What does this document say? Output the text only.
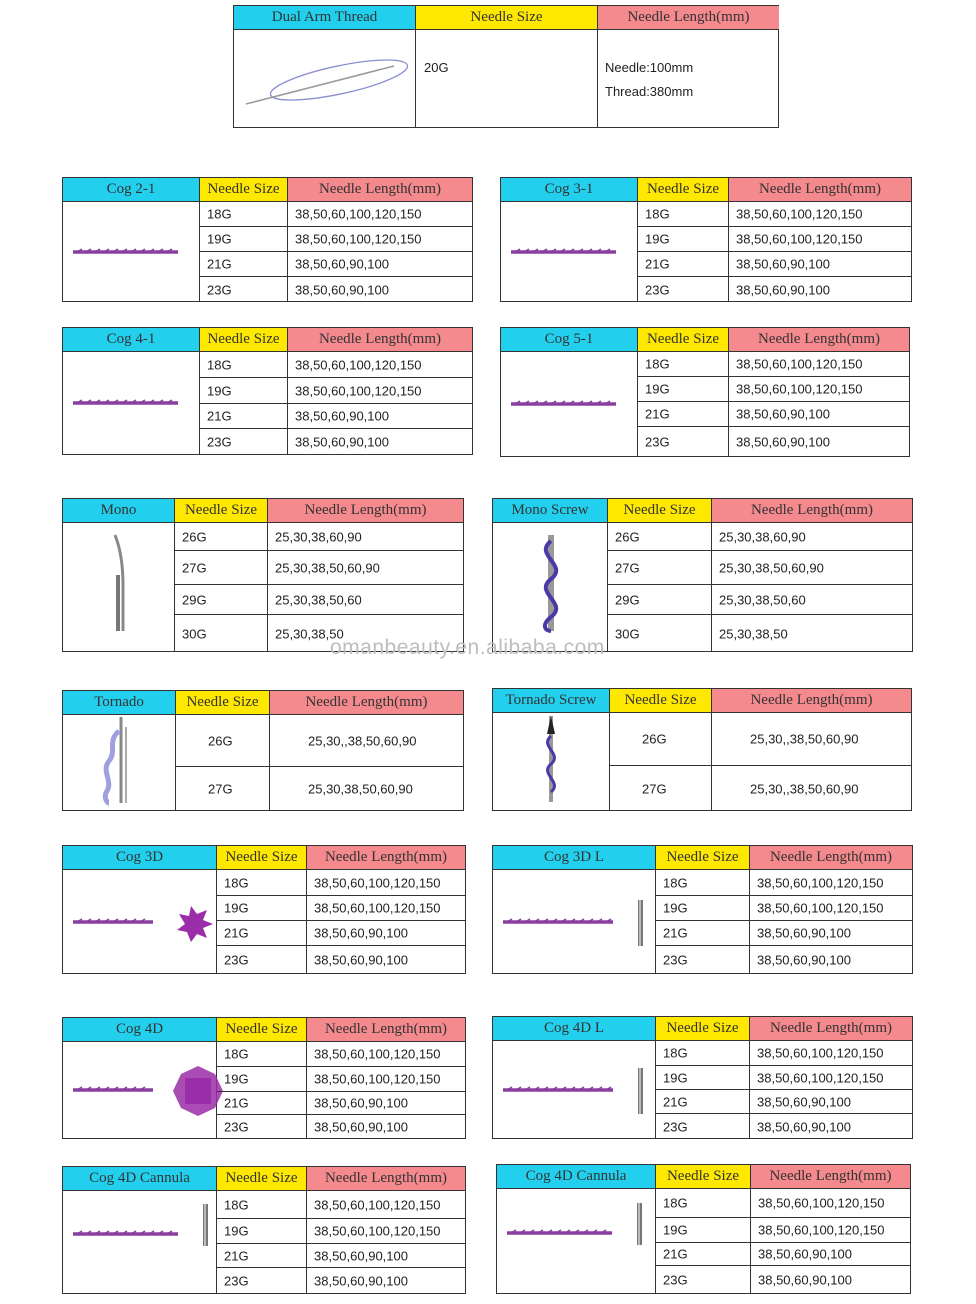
Dual Arm Thread	Needle Size	Needle Length(mm)
20G	Needle:100mm
Thread:380mm
Cog 2-1	Needle Size	Needle Length(mm)
18G	38,50,60,100,120,150
19G	38,50,60,100,120,150
21G	38,50,60,90,100
23G	38,50,60,90,100
Cog 3-1	Needle Size	Needle Length(mm)
18G	38,50,60,100,120,150
19G	38,50,60,100,120,150
21G	38,50,60,90,100
23G	38,50,60,90,100
Cog 4-1	Needle Size	Needle Length(mm)
18G	38,50,60,100,120,150
19G	38,50,60,100,120,150
21G	38,50,60,90,100
23G	38,50,60,90,100
Cog 5-1	Needle Size	Needle Length(mm)
18G	38,50,60,100,120,150
19G	38,50,60,100,120,150
21G	38,50,60,90,100
23G	38,50,60,90,100
Mono	Needle Size	Needle Length(mm)
26G	25,30,38,60,90
27G	25,30,38,50,60,90
29G	25,30,38,50,60
30G	25,30,38,50
Mono Screw	Needle Size	Needle Length(mm)
26G	25,30,38,60,90
27G	25,30,38,50,60,90
29G	25,30,38,50,60
30G	25,30,38,50
Tornado	Needle Size	Needle Length(mm)
26G	25,30,,38,50,60,90
27G	25,30,38,50,60,90
Tornado Screw	Needle Size	Needle Length(mm)
26G	25,30,,38,50,60,90
27G	25,30,,38,50,60,90
Cog 3D	Needle Size	Needle Length(mm)
18G	38,50,60,100,120,150
19G	38,50,60,100,120,150
21G	38,50,60,90,100
23G	38,50,60,90,100
Cog 3D L	Needle Size	Needle Length(mm)
18G	38,50,60,100,120,150
19G	38,50,60,100,120,150
21G	38,50,60,90,100
23G	38,50,60,90,100
Cog 4D	Needle Size	Needle Length(mm)
18G	38,50,60,100,120,150
19G	38,50,60,100,120,150
21G	38,50,60,90,100
23G	38,50,60,90,100
Cog 4D L	Needle Size	Needle Length(mm)
18G	38,50,60,100,120,150
19G	38,50,60,100,120,150
21G	38,50,60,90,100
23G	38,50,60,90,100
Cog 4D Cannula	Needle Size	Needle Length(mm)
18G	38,50,60,100,120,150
19G	38,50,60,100,120,150
21G	38,50,60,90,100
23G	38,50,60,90,100
Cog 4D Cannula	Needle Size	Needle Length(mm)
18G	38,50,60,100,120,150
19G	38,50,60,100,120,150
21G	38,50,60,90,100
23G	38,50,60,90,100
omanbeauty.en.alibaba.com
